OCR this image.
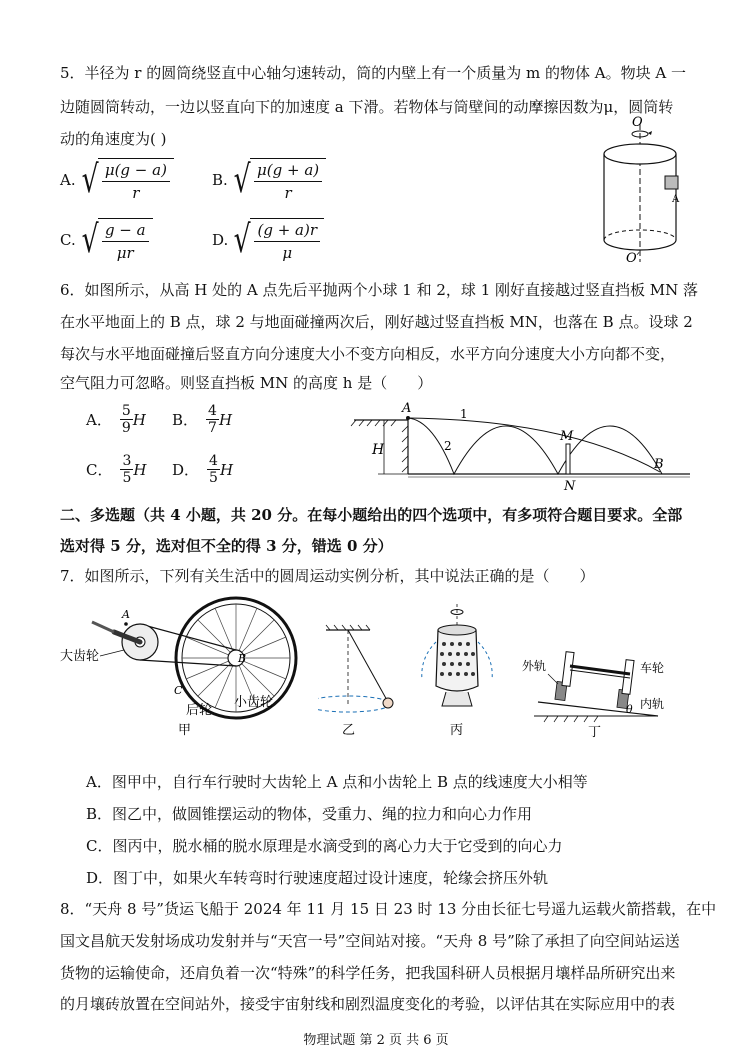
5．半径为 r 的圆筒绕竖直中心轴匀速转动，筒的内壁上有一个质量为 m 的物体 A。物块 A 一
边随圆筒转动，一边以竖直向下的加速度 a 下滑。若物体与筒壁间的动摩擦因数为μ，圆筒转
动的角速度为( )
A. √ $\frac{\mu(g - a)}{r}$	B. √ $\frac{\mu(g + a)}{r}$
C. √ $\frac{g - a}{\mu r}$	D. √ $\frac{(g + a)r}{\mu}$
O
A
O′
6．如图所示，从高 H 处的 A 点先后平抛两个小球 1 和 2，球 1 刚好直接越过竖直挡板 MN 落
在水平地面上的 B 点，球 2 与地面碰撞两次后，刚好越过竖直挡板 MN，也落在 B 点。设球 2
每次与水平地面碰撞后竖直方向分速度大小不变方向相反，水平方向分速度大小方向都不变，
空气阻力可忽略。则竖直挡板 MN 的高度 h 是（　　）
A． 5
9 H B． 4
7 H
C． 3
5 H D． 4
5 H
H
A	1
2
M
N
B
二、多选题（共 4 小题，共 20 分。在每小题给出的四个选项中，有多项符合题目要求。全部
选对得 5 分，选对但不全的得 3 分，错选 0 分）
7．如图所示，下列有关生活中的圆周运动实例分析，其中说法正确的是（　　）
B
A
大齿轮
C
后轮
小齿轮
甲	乙	丙
外轨	车轮
内轨
θ
丁
A．图甲中，自行车行驶时大齿轮上 A 点和小齿轮上 B 点的线速度大小相等
B．图乙中，做圆锥摆运动的物体，受重力、绳的拉力和向心力作用
C．图丙中，脱水桶的脱水原理是水滴受到的离心力大于它受到的向心力
D．图丁中，如果火车转弯时行驶速度超过设计速度，轮缘会挤压外轨
8．“天舟 8 号”货运飞船于 2024 年 11 月 15 日 23 时 13 分由长征七号遥九运载火箭搭载，在中
国文昌航天发射场成功发射并与“天宫一号”空间站对接。“天舟 8 号”除了承担了向空间站运送
货物的运输使命，还肩负着一次“特殊”的科学任务，把我国科研人员根据月壤样品所研究出来
的月壤砖放置在空间站外，接受宇宙射线和剧烈温度变化的考验，以评估其在实际应用中的表
物理试题 第 2 页 共 6 页
